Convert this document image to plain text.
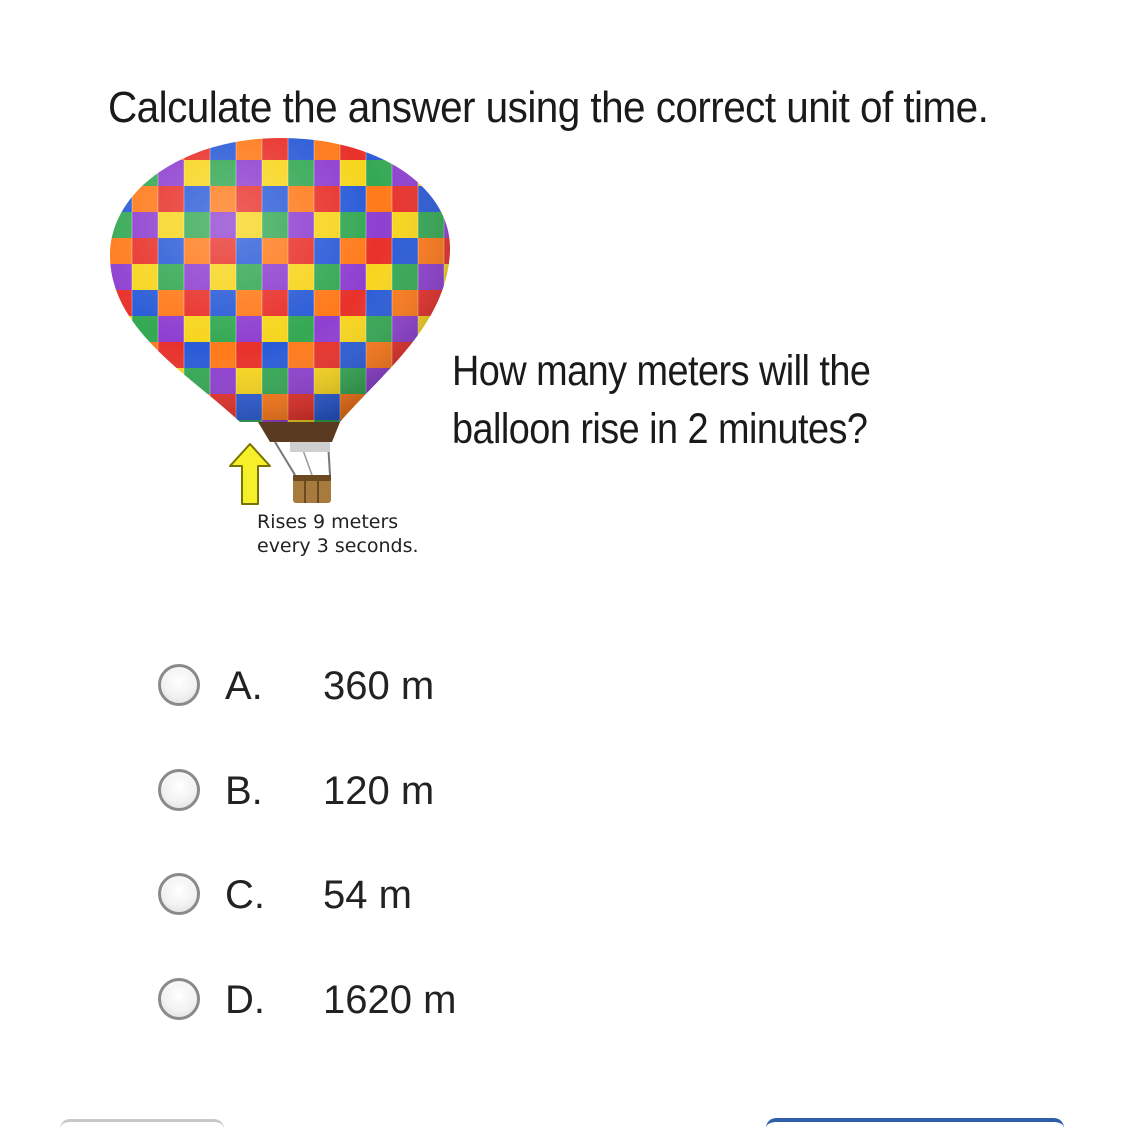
Calculate the answer using the correct unit of time.
Rises 9 meters
every 3 seconds.
How many meters will the
balloon rise in 2 minutes?
A. 360 m
B. 120 m
C. 54 m
D. 1620 m
